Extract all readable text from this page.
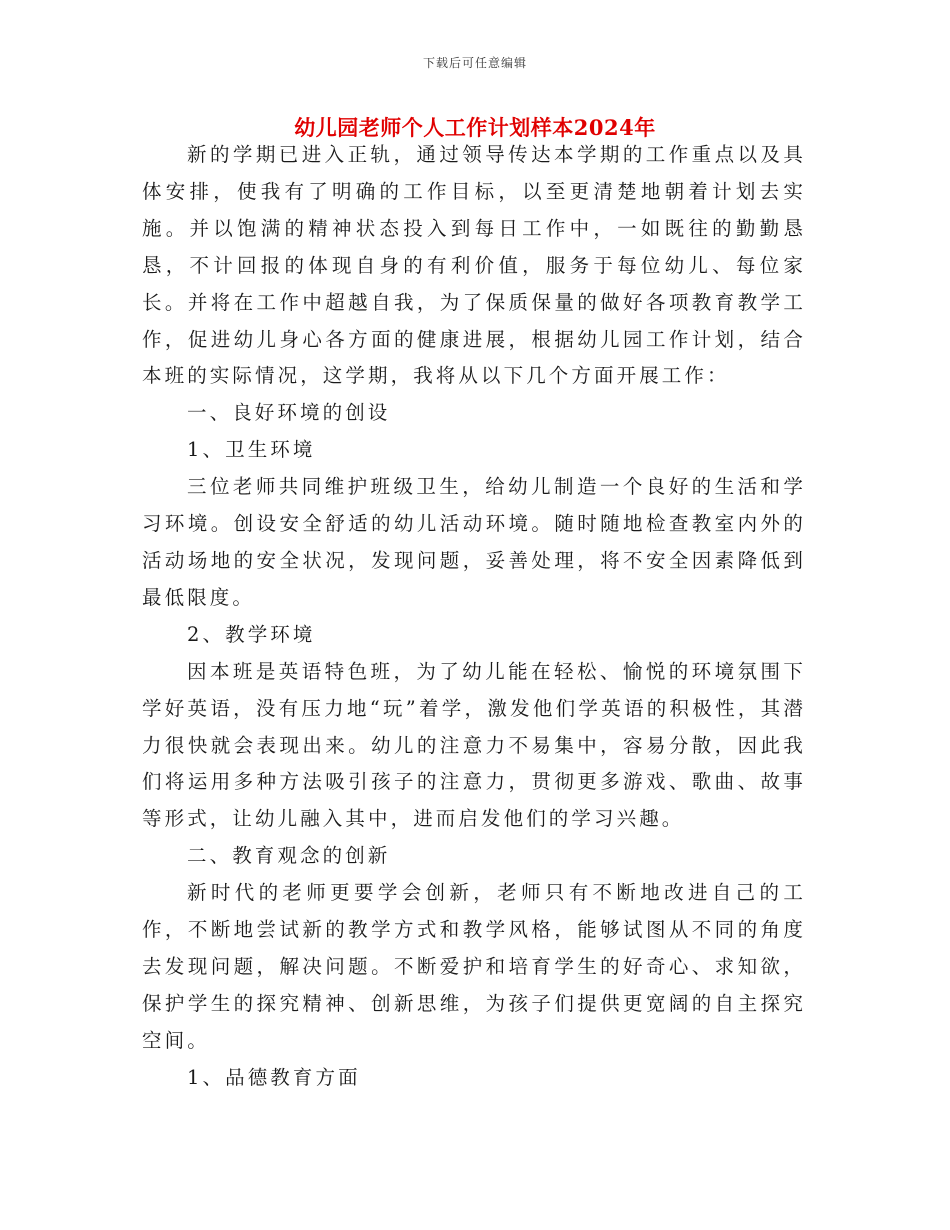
下载后可任意编辑
幼儿园老师个人工作计划样本2024年

新的学期已进入正轨，通过领导传达本学期的工作重点以及具体安排，使我有了明确的工作目标，以至更清楚地朝着计划去实施。并以饱满的精神状态投入到每日工作中，一如既往的勤勤恳恳，不计回报的体现自身的有利价值，服务于每位幼儿、每位家长。并将在工作中超越自我，为了保质保量的做好各项教育教学工作，促进幼儿身心各方面的健康进展，根据幼儿园工作计划，结合本班的实际情况，这学期，我将从以下几个方面开展工作：

一、良好环境的创设

1、卫生环境

三位老师共同维护班级卫生，给幼儿制造一个良好的生活和学习环境。创设安全舒适的幼儿活动环境。随时随地检查教室内外的活动场地的安全状况，发现问题，妥善处理，将不安全因素降低到最低限度。

2、教学环境

因本班是英语特色班，为了幼儿能在轻松、愉悦的环境氛围下学好英语，没有压力地“玩”着学，激发他们学英语的积极性，其潜力很快就会表现出来。幼儿的注意力不易集中，容易分散，因此我们将运用多种方法吸引孩子的注意力，贯彻更多游戏、歌曲、故事等形式，让幼儿融入其中，进而启发他们的学习兴趣。

二、教育观念的创新

新时代的老师更要学会创新，老师只有不断地改进自己的工作，不断地尝试新的教学方式和教学风格，能够试图从不同的角度去发现问题，解决问题。不断爱护和培育学生的好奇心、求知欲，保护学生的探究精神、创新思维，为孩子们提供更宽阔的自主探究空间。

1、品德教育方面
